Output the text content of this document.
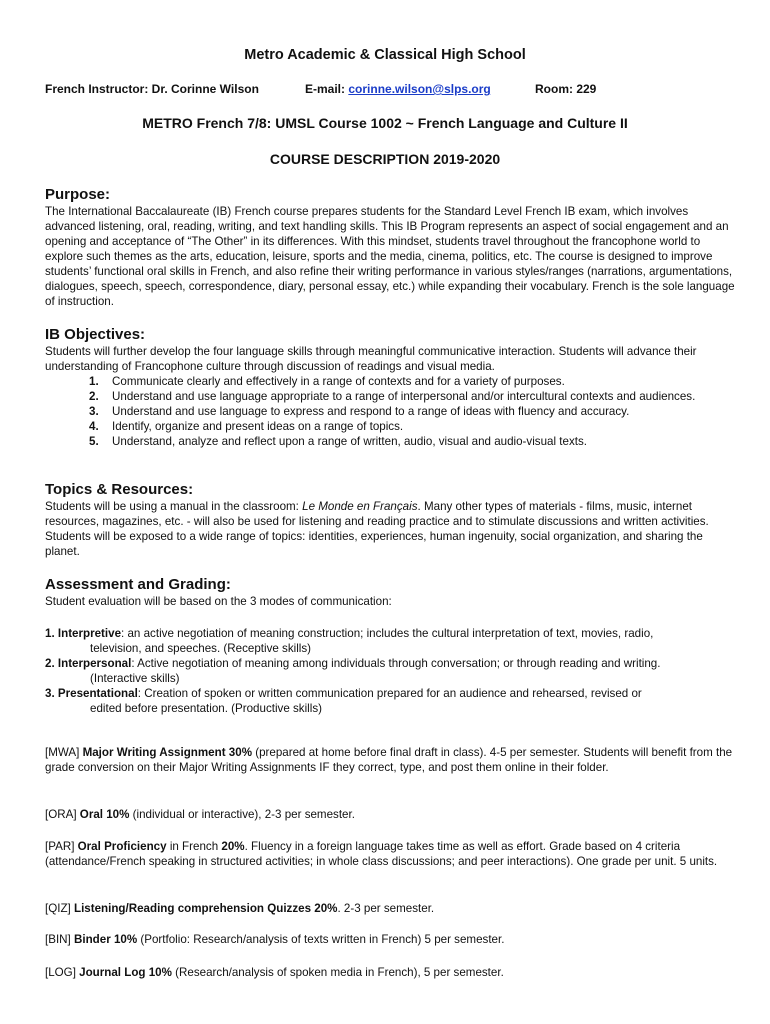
Metro Academic & Classical High School
French Instructor: Dr. Corinne Wilson	E-mail: corinne.wilson@slps.org	Room: 229
METRO French 7/8: UMSL Course 1002 ~ French Language and Culture II
COURSE DESCRIPTION 2019-2020
Purpose:

The International Baccalaureate (IB) French course prepares students for the Standard Level French IB exam, which involves advanced listening, oral, reading, writing, and text handling skills. This IB Program represents an aspect of social engagement and an opening and acceptance of “The Other” in its differences. With this mindset, students travel throughout the francophone world to explore such themes as the arts, education, leisure, sports and the media, cinema, politics, etc. The course is designed to improve students’ functional oral skills in French, and also refine their writing performance in various styles/ranges (narrations, argumentations, dialogues, speech, speech, correspondence, diary, personal essay, etc.) while expanding their vocabulary. French is the sole language of instruction.

IB Objectives:

Students will further develop the four language skills through meaningful communicative interaction. Students will advance their understanding of Francophone culture through discussion of readings and visual media.

1. Communicate clearly and effectively in a range of contexts and for a variety of purposes.
2. Understand and use language appropriate to a range of interpersonal and/or intercultural contexts and audiences.
3. Understand and use language to express and respond to a range of ideas with fluency and accuracy.
4. Identify, organize and present ideas on a range of topics.
5. Understand, analyze and reflect upon a range of written, audio, visual and audio-visual texts.
Topics & Resources:

Students will be using a manual in the classroom: Le Monde en Français. Many other types of materials - films, music, internet resources, magazines, etc. - will also be used for listening and reading practice and to stimulate discussions and written activities. Students will be exposed to a wide range of topics: identities, experiences, human ingenuity, social organization, and sharing the planet.

Assessment and Grading:

Student evaluation will be based on the 3 modes of communication:

1. Interpretive: an active negotiation of meaning construction; includes the cultural interpretation of text, movies, radio,
television, and speeches. (Receptive skills)

2. Interpersonal: Active negotiation of meaning among individuals through conversation; or through reading and writing.
(Interactive skills)

3. Presentational: Creation of spoken or written communication prepared for an audience and rehearsed, revised or
edited before presentation. (Productive skills)

[MWA] Major Writing Assignment 30% (prepared at home before final draft in class). 4-5 per semester. Students will benefit from the grade conversion on their Major Writing Assignments IF they correct, type, and post them online in their folder.

[ORA] Oral 10% (individual or interactive), 2-3 per semester.

[PAR] Oral Proficiency in French 20%. Fluency in a foreign language takes time as well as effort. Grade based on 4 criteria (attendance/French speaking in structured activities; in whole class discussions; and peer interactions). One grade per unit. 5 units.

[QIZ] Listening/Reading comprehension Quizzes 20%. 2-3 per semester.

[BIN] Binder 10% (Portfolio: Research/analysis of texts written in French) 5 per semester.

[LOG] Journal Log 10% (Research/analysis of spoken media in French), 5 per semester.
